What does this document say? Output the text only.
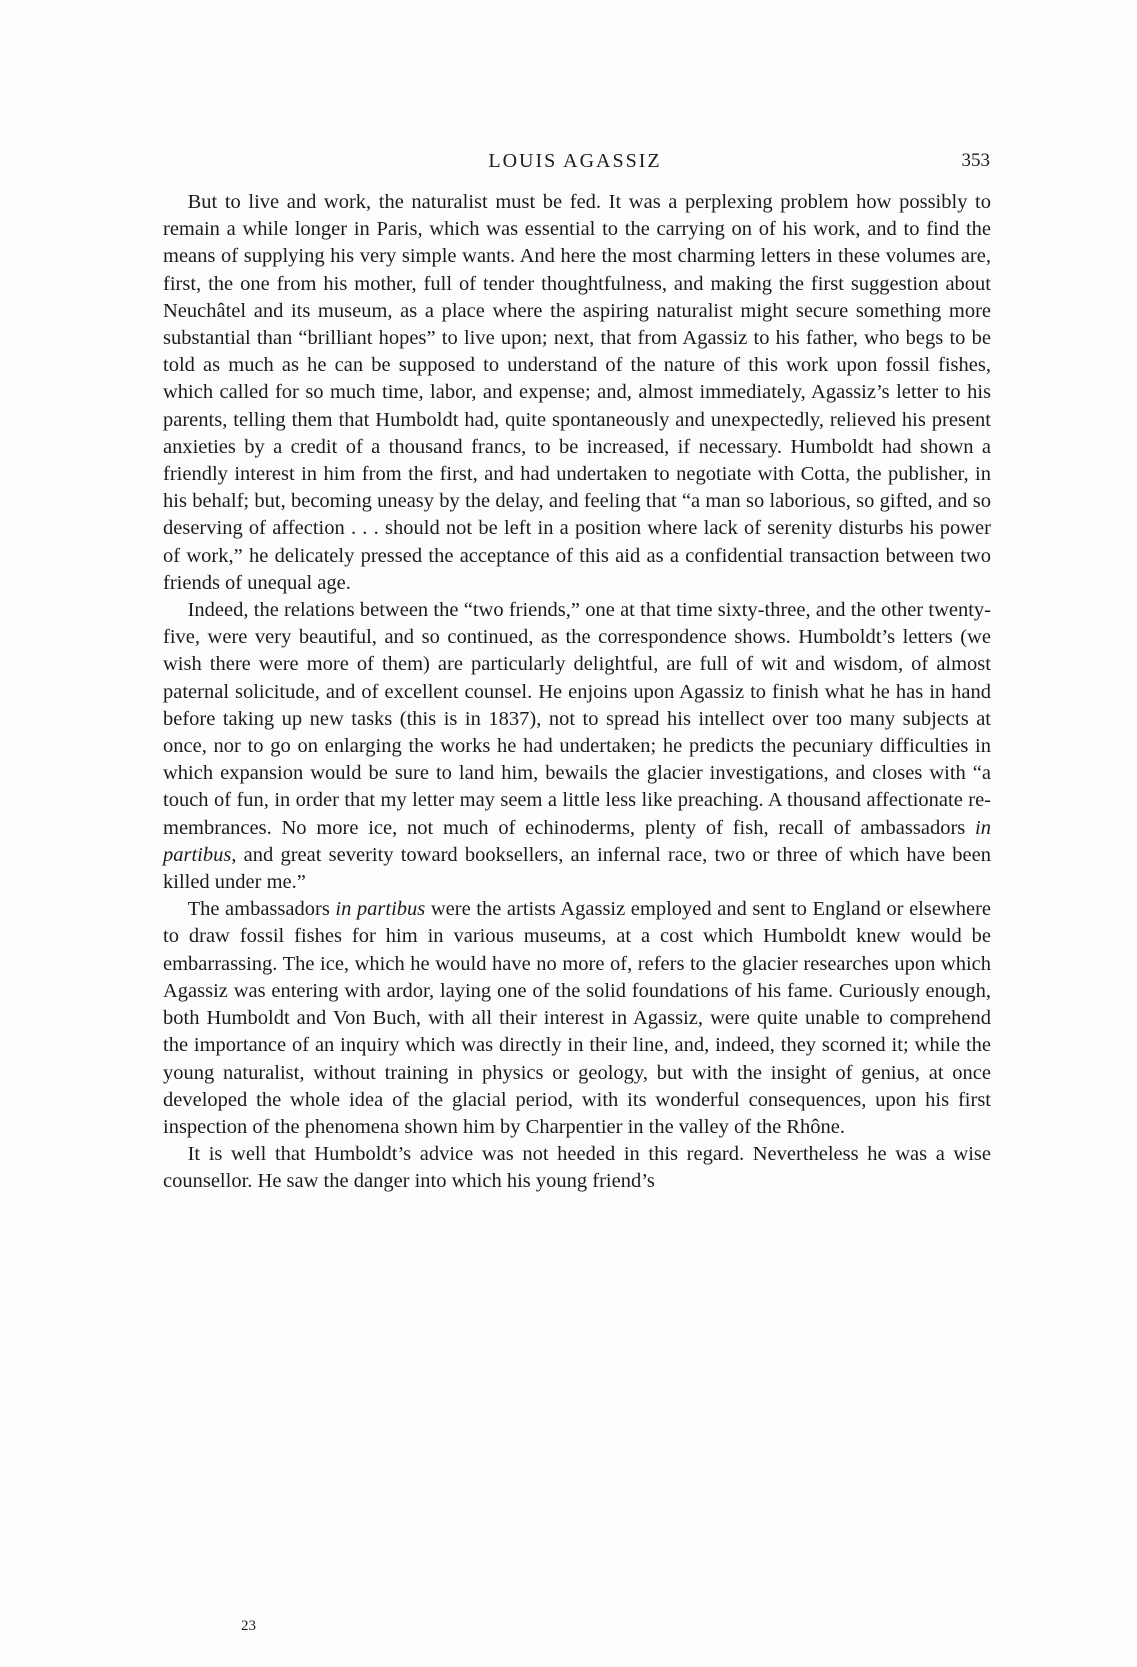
LOUIS AGASSIZ	353

But to live and work, the naturalist must be fed. It was a perplexing problem how possibly to remain a while longer in Paris, which was essential to the carrying on of his work, and to find the means of supplying his very simple wants. And here the most charming letters in these volumes are, first, the one from his mother, full of tender thoughtfulness, and making the first suggestion about Neuchâtel and its museum, as a place where the aspiring naturalist might secure something more substantial than “brilliant hopes” to live upon; next, that from Agassiz to his father, who begs to be told as much as he can be supposed to understand of the nature of this work upon fossil fishes, which called for so much time, labor, and expense; and, almost immediately, Agassiz’s letter to his parents, telling them that Humboldt had, quite spontaneously and unexpectedly, relieved his present anxieties by a credit of a thousand francs, to be increased, if necessary. Humboldt had shown a friendly interest in him from the first, and had undertaken to negotiate with Cotta, the publisher, in his behalf; but, becoming uneasy by the delay, and feeling that “a man so laborious, so gifted, and so deserving of affection . . . should not be left in a position where lack of serenity disturbs his power of work,” he delicately pressed the acceptance of this aid as a confidential transaction between two friends of unequal age.

Indeed, the relations between the “two friends,” one at that time sixty-three, and the other twenty-five, were very beautiful, and so continued, as the correspondence shows. Humboldt’s letters (we wish there were more of them) are particularly delightful, are full of wit and wisdom, of almost paternal solicitude, and of excellent counsel. He enjoins upon Agassiz to finish what he has in hand before taking up new tasks (this is in 1837), not to spread his intellect over too many subjects at once, nor to go on enlarging the works he had undertaken; he predicts the pecuniary difficulties in which expansion would be sure to land him, bewails the glacier investigations, and closes with “a touch of fun, in order that my letter may seem a little less like preaching. A thousand affectionate remembrances. No more ice, not much of echinoderms, plenty of fish, recall of ambassadors in partibus, and great severity toward booksellers, an infernal race, two or three of which have been killed under me.”

The ambassadors in partibus were the artists Agassiz employed and sent to England or elsewhere to draw fossil fishes for him in various museums, at a cost which Humboldt knew would be embarrassing. The ice, which he would have no more of, refers to the glacier researches upon which Agassiz was entering with ardor, laying one of the solid foundations of his fame. Curiously enough, both Humboldt and Von Buch, with all their interest in Agassiz, were quite unable to comprehend the importance of an inquiry which was directly in their line, and, indeed, they scorned it; while the young naturalist, without training in physics or geology, but with the insight of genius, at once developed the whole idea of the glacial period, with its wonderful consequences, upon his first inspection of the phenomena shown him by Charpentier in the valley of the Rhône.

It is well that Humboldt’s advice was not heeded in this regard. Nevertheless he was a wise counsellor. He saw the danger into which his young friend’s

23
